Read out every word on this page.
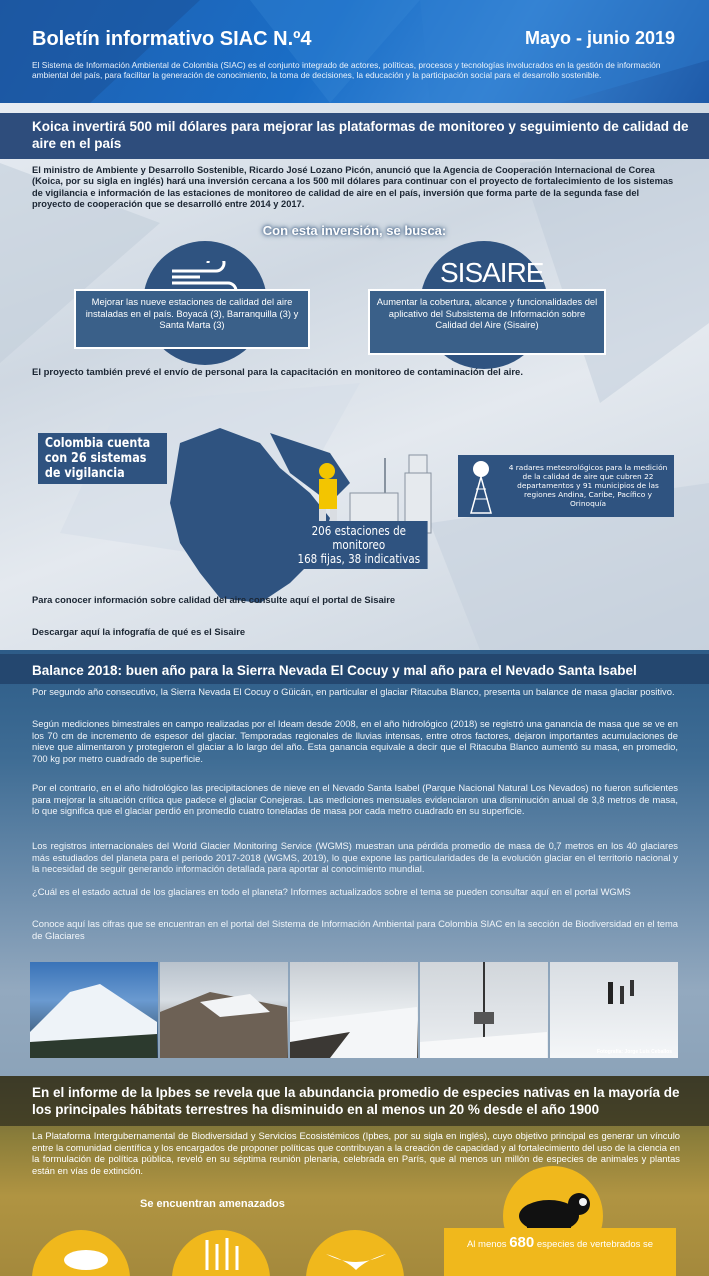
Boletín informativo SIAC N.º4	Mayo - junio 2019
El Sistema de Información Ambiental de Colombia (SIAC) es el conjunto integrado de actores, políticas, procesos y tecnologías involucrados en la gestión de información ambiental del país, para facilitar la generación de conocimiento, la toma de decisiones, la educación y la participación social para el desarrollo sostenible.
Koica invertirá 500 mil dólares para mejorar las plataformas de monitoreo y seguimiento de calidad de aire en el país
El ministro de Ambiente y Desarrollo Sostenible, Ricardo José Lozano Picón, anunció que la Agencia de Cooperación Internacional de Corea (Koica, por su sigla en inglés) hará una inversión cercana a los 500 mil dólares para continuar con el proyecto de fortalecimiento de los sistemas de vigilancia e información de las estaciones de monitoreo de calidad de aire en el país, inversión que forma parte de la segunda fase del proyecto de cooperación que se desarrolló entre 2014 y 2017.
Con esta inversión, se busca:
Mejorar las nueve estaciones de calidad del aire instaladas en el país. Boyacá (3), Barranquilla (3) y Santa Marta (3)
SISAIRE
Aumentar la cobertura, alcance y funcionalidades del aplicativo del Subsistema de Información sobre Calidad del Aire (Sisaire)
El proyecto también prevé el envío de personal para la capacitación en monitoreo de contaminación del aire.
Colombia cuenta con 26 sistemas de vigilancia
206 estaciones de monitoreo
168 fijas, 38 indicativas
4 radares meteorológicos para la medición de la calidad de aire que cubren 22 departamentos y 91 municipios de las regiones Andina, Caribe, Pacífico y Orinoquía
Para conocer información sobre calidad del aire consulte aquí el portal de Sisaire
Descargar aquí la infografía de qué es el Sisaire
Balance 2018: buen año para la Sierra Nevada El Cocuy y mal año para el Nevado Santa Isabel
Por segundo año consecutivo, la Sierra Nevada El Cocuy o Güicán, en particular el glaciar Ritacuba Blanco, presenta un balance de masa glaciar positivo.
Según mediciones bimestrales en campo realizadas por el Ideam desde 2008, en el año hidrológico (2018) se registró una ganancia de masa que se ve en los 70 cm de incremento de espesor del glaciar. Temporadas regionales de lluvias intensas, entre otros factores, dejaron importantes acumulaciones de nieve que alimentaron y protegieron el glaciar a lo largo del año. Esta ganancia equivale a decir que el Ritacuba Blanco aumentó su masa, en promedio, 700 kg por metro cuadrado de superficie.
Por el contrario, en el año hidrológico las precipitaciones de nieve en el Nevado Santa Isabel (Parque Nacional Natural Los Nevados) no fueron suficientes para mejorar la situación crítica que padece el glaciar Conejeras. Las mediciones mensuales evidenciaron una disminución anual de 3,8 metros de masa, lo que significa que el glaciar perdió en promedio cuatro toneladas de masa por cada metro cuadrado en su superficie.
Los registros internacionales del World Glacier Monitoring Service (WGMS) muestran una pérdida promedio de masa de 0,7 metros en los 40 glaciares más estudiados del planeta para el periodo 2017-2018 (WGMS, 2019), lo que expone las particularidades de la evolución glaciar en el territorio nacional y la necesidad de seguir generando información detallada para aportar al conocimiento mundial.
¿Cuál es el estado actual de los glaciares en todo el planeta? Informes actualizados sobre el tema se pueden consultar aquí en el portal WGMS
Conoce aquí las cifras que se encuentran en el portal del Sistema de Información Ambiental para Colombia SIAC en la sección de Biodiversidad en el tema de Glaciares
Fotografía: Jorge Luis Ceballos
En el informe de la Ipbes se revela que la abundancia promedio de especies nativas en la mayoría de los principales hábitats terrestres ha disminuido en al menos un 20 % desde el año 1900
La Plataforma Intergubernamental de Biodiversidad y Servicios Ecosistémicos (Ipbes, por su sigla en inglés), cuyo objetivo principal es generar un vínculo entre la comunidad científica y los encargados de proponer políticas que contribuyan a la creación de capacidad y al fortalecimiento del uso de la ciencia en la formulación de política pública, reveló en su séptima reunión plenaria, celebrada en París, que al menos un millón de especies de animales y plantas están en vías de extinción.
Se encuentran amenazados
Al menos 680 especies de vertebrados se
